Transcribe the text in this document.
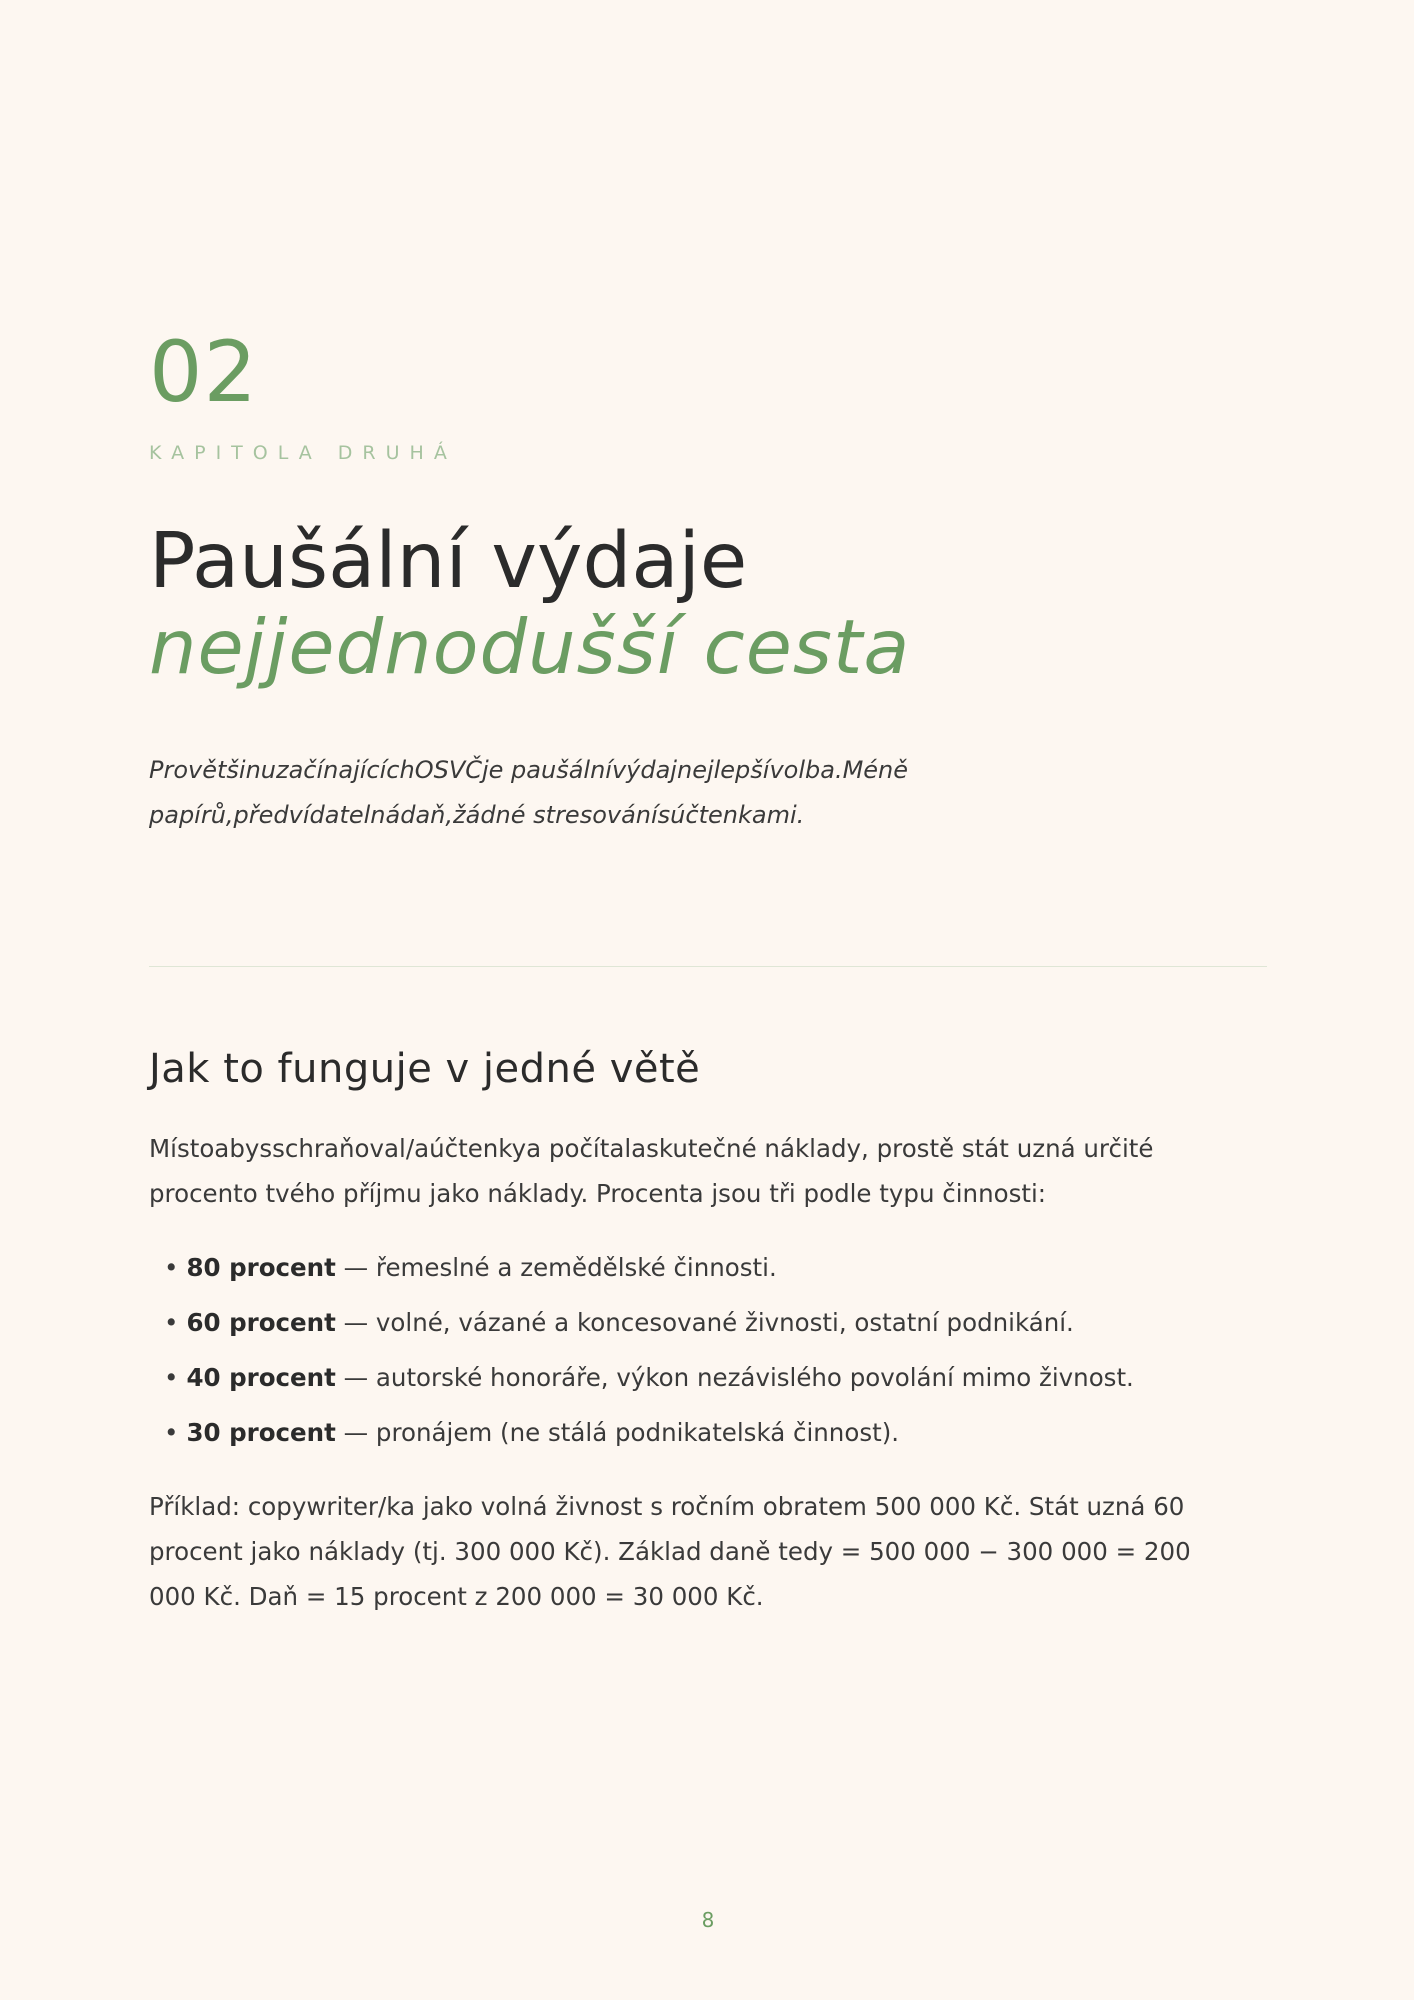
02
KAPITOLA DRUHÁ
Paušální výdaje
nejjednodušší cesta
ProvětšinuzačínajícíchOSVČje paušálnívýdajnejlepšívolba.Méně
papírů,předvídatelnádaň,žádné stresovánísúčtenkami.
Jak to funguje v jedné větě
Místoabysschraňoval/aúčtenkya počítalaskutečné náklady, prostě stát uzná určité
procento tvého příjmu jako náklady. Procenta jsou tři podle typu činnosti:
• 80 procent — řemeslné a zemědělské činnosti.
• 60 procent — volné, vázané a koncesované živnosti, ostatní podnikání.
• 40 procent — autorské honoráře, výkon nezávislého povolání mimo živnost.
• 30 procent — pronájem (ne stálá podnikatelská činnost).
Příklad: copywriter/ka jako volná živnost s ročním obratem 500 000 Kč. Stát uzná 60
procent jako náklady (tj. 300 000 Kč). Základ daně tedy = 500 000 − 300 000 = 200
000 Kč. Daň = 15 procent z 200 000 = 30 000 Kč.
8
